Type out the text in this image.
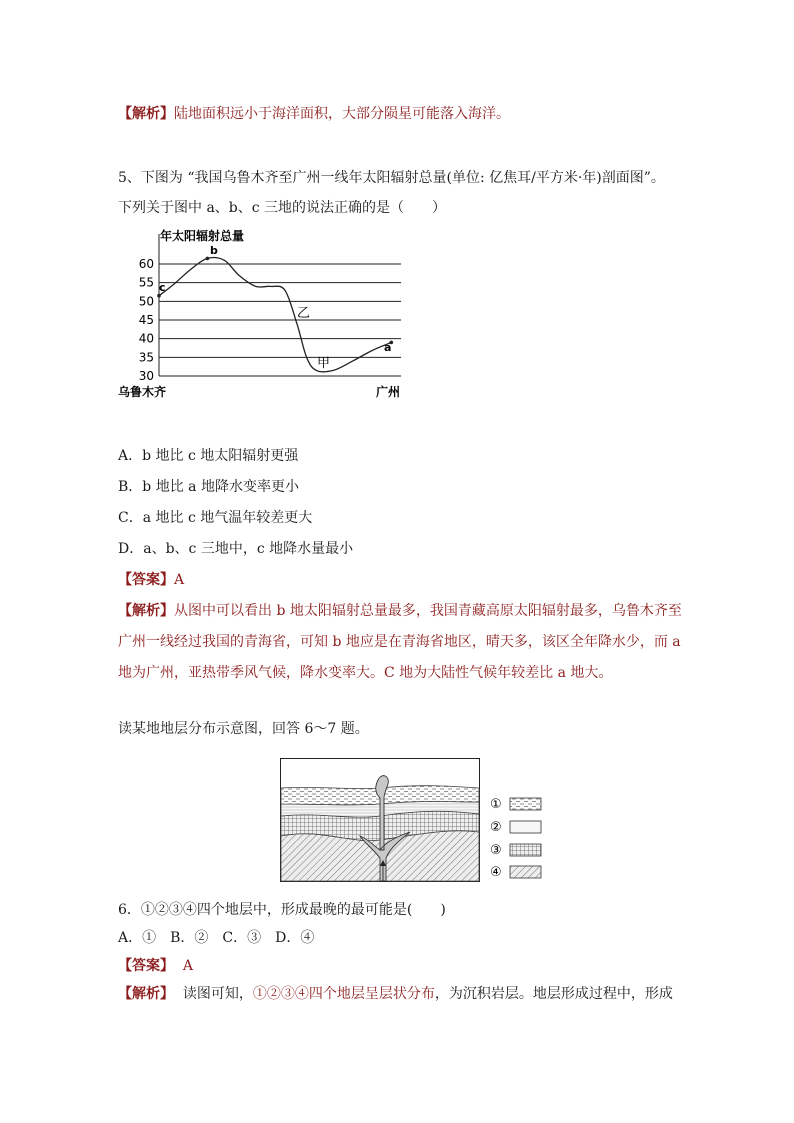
【解析】陆地面积远小于海洋面积，大部分陨星可能落入海洋。
5、下图为 “我国乌鲁木齐至广州一线年太阳辐射总量(单位: 亿焦耳/平方米·年)剖面图”。
下列关于图中 a、b、c 三地的说法正确的是（　　）
60
55
50
45
40
35
30
年太阳辐射总量
c
b
a
乙
甲
乌鲁木齐	广州
A．b 地比 c 地太阳辐射更强
B．b 地比 a 地降水变率更小
C．a 地比 c 地气温年较差更大
D．a、b、c 三地中，c 地降水量最小
【答案】A
【解析】从图中可以看出 b 地太阳辐射总量最多，我国青藏高原太阳辐射最多，乌鲁木齐至
广州一线经过我国的青海省，可知 b 地应是在青海省地区，晴天多，该区全年降水少，而 a
地为广州，亚热带季风气候，降水变率大。C 地为大陆性气候年较差比 a 地大。
读某地地层分布示意图，回答 6～7 题。
①
②
③
④
6．①②③④四个地层中，形成最晚的最可能是(　　)
A．①　B．②　C．③　D．④
【答案】 A
【解析】 读图可知，①②③④四个地层呈层状分布，为沉积岩层。地层形成过程中，形成
